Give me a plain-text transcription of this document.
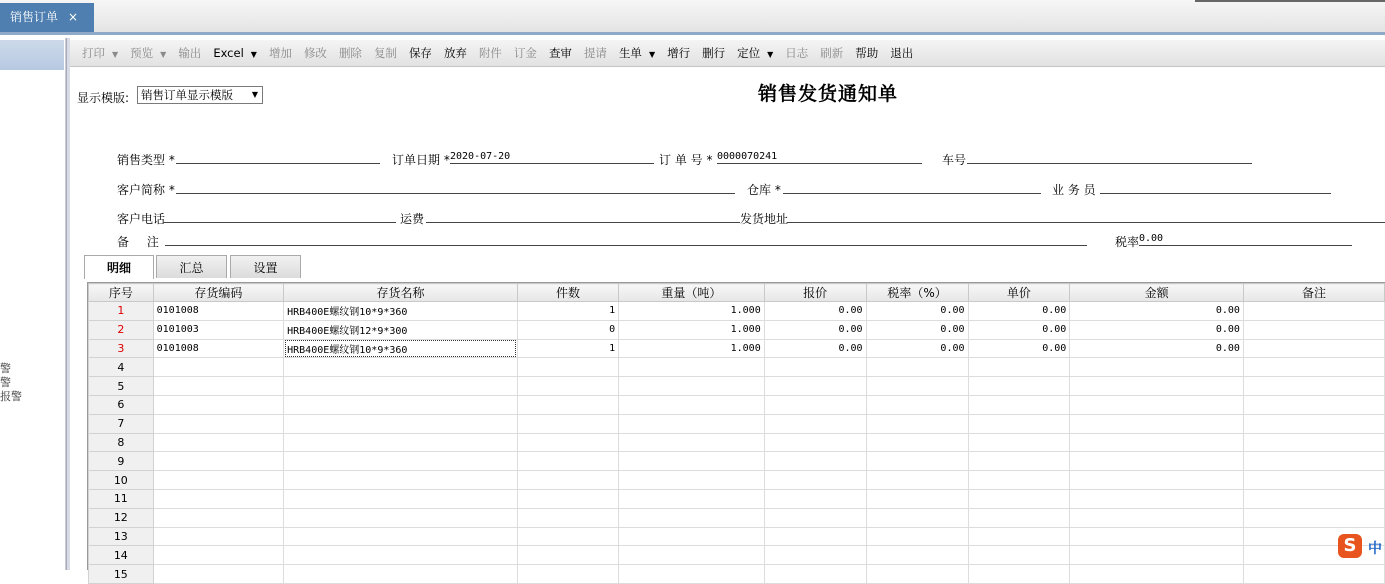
销售订单 ×
警
警
报警
打印 ▼	预览 ▼	输出	Excel ▼	增加	修改	删除	复制	保存	放弃	附件	订金	查审	提请	生单 ▼	增行	删行	定位 ▼	日志	刷新	帮助	退出
显示模版:	销售订单显示模版 ▼	销售发货通知单
销售类型 *	订单日期 * 2020-07-20	订 单 号 * 0000070241	车号
客户简称 *	仓库 *	业 务 员
客户电话	运费	发货地址
备 注	税率 0.00
明细	汇总	设置
序号	存货编码	存货名称	件数	重量（吨）	报价	税率（%）	单价	金额	备注
1	0101008	HRB400E螺纹钢10*9*360	1	1.000	0.00	0.00	0.00	0.00	
2	0101003	HRB400E螺纹钢12*9*300	0	1.000	0.00	0.00	0.00	0.00	
3	0101008	HRB400E螺纹钢10*9*360	1	1.000	0.00	0.00	0.00	0.00	
4									
5									
6									
7									
8									
9									
10									
11									
12									
13									
14									
15									
S 中
